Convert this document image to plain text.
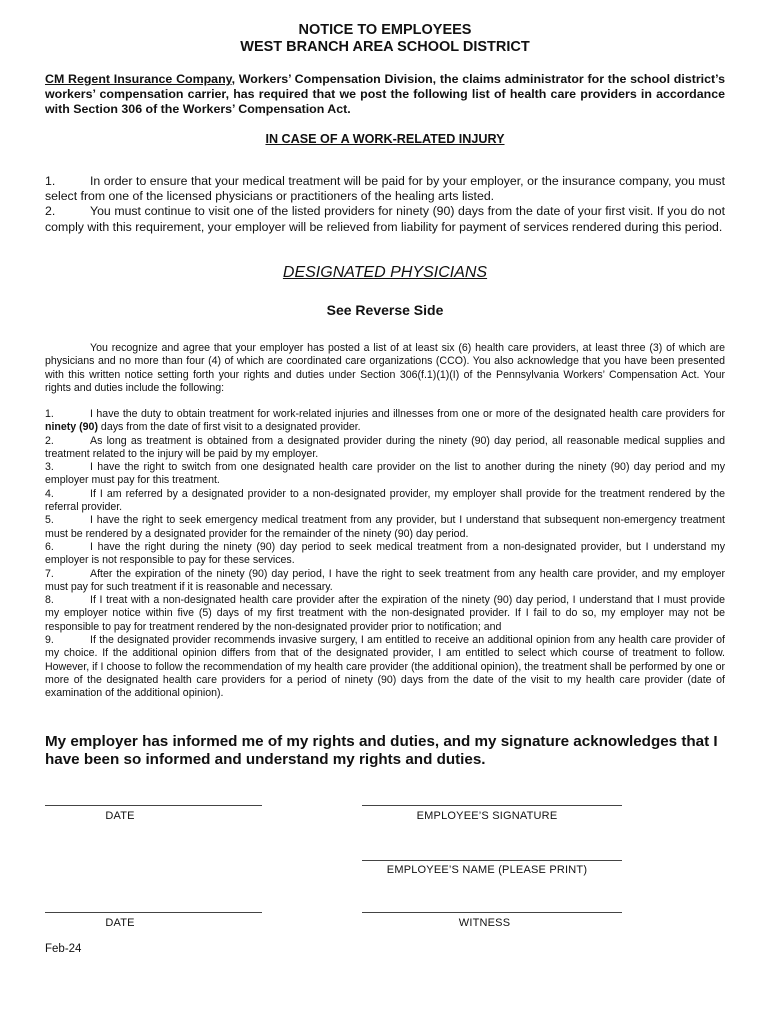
NOTICE TO EMPLOYEES
WEST BRANCH AREA SCHOOL DISTRICT
CM Regent Insurance Company, Workers’ Compensation Division, the claims administrator for the school district’s workers’ compensation carrier, has required that we post the following list of health care providers in accordance with Section 306 of the Workers’ Compensation Act.
IN CASE OF A WORK-RELATED INJURY

1.	In order to ensure that your medical treatment will be paid for by your employer, or the insurance company, you must select from one of the licensed physicians or practitioners of the healing arts listed.

2.	You must continue to visit one of the listed providers for ninety (90) days from the date of your first visit. If you do not comply with this requirement, your employer will be relieved from liability for payment of services rendered during this period.

DESIGNATED PHYSICIANS
See Reverse Side
You recognize and agree that your employer has posted a list of at least six (6) health care providers, at least three (3) of which are physicians and no more than four (4) of which are coordinated care organizations (CCO). You also acknowledge that you have been presented with this written notice setting forth your rights and duties under Section 306(f.1)(1)(I) of the Pennsylvania Workers’ Compensation Act. Your rights and duties include the following:

1.	I have the duty to obtain treatment for work-related injuries and illnesses from one or more of the designated health care providers for ninety (90) days from the date of first visit to a designated provider.

2.	As long as treatment is obtained from a designated provider during the ninety (90) day period, all reasonable medical supplies and treatment related to the injury will be paid by my employer.

3.	I have the right to switch from one designated health care provider on the list to another during the ninety (90) day period and my employer must pay for this treatment.

4.	If I am referred by a designated provider to a non-designated provider, my employer shall provide for the treatment rendered by the referral provider.

5.	I have the right to seek emergency medical treatment from any provider, but I understand that subsequent non-emergency treatment must be rendered by a designated provider for the remainder of the ninety (90) day period.

6.	I have the right during the ninety (90) day period to seek medical treatment from a non-designated provider, but I understand my employer is not responsible to pay for these services.

7.	After the expiration of the ninety (90) day period, I have the right to seek treatment from any health care provider, and my employer must pay for such treatment if it is reasonable and necessary.

8.	If I treat with a non-designated health care provider after the expiration of the ninety (90) day period, I understand that I must provide my employer notice within five (5) days of my first treatment with the non-designated provider. If I fail to do so, my employer may not be responsible to pay for treatment rendered by the non-designated provider prior to notification; and

9.	If the designated provider recommends invasive surgery, I am entitled to receive an additional opinion from any health care provider of my choice. If the additional opinion differs from that of the designated provider, I am entitled to select which course of treatment to follow. However, if I choose to follow the recommendation of my health care provider (the additional opinion), the treatment shall be performed by one or more of the designated health care providers for a period of ninety (90) days from the date of the visit to my health care provider (date of examination of the additional opinion).

My employer has informed me of my rights and duties, and my signature acknowledges that I have been so informed and understand my rights and duties.
DATE	EMPLOYEE’S SIGNATURE
EMPLOYEE’S NAME (PLEASE PRINT)
DATE	WITNESS
Feb-24
